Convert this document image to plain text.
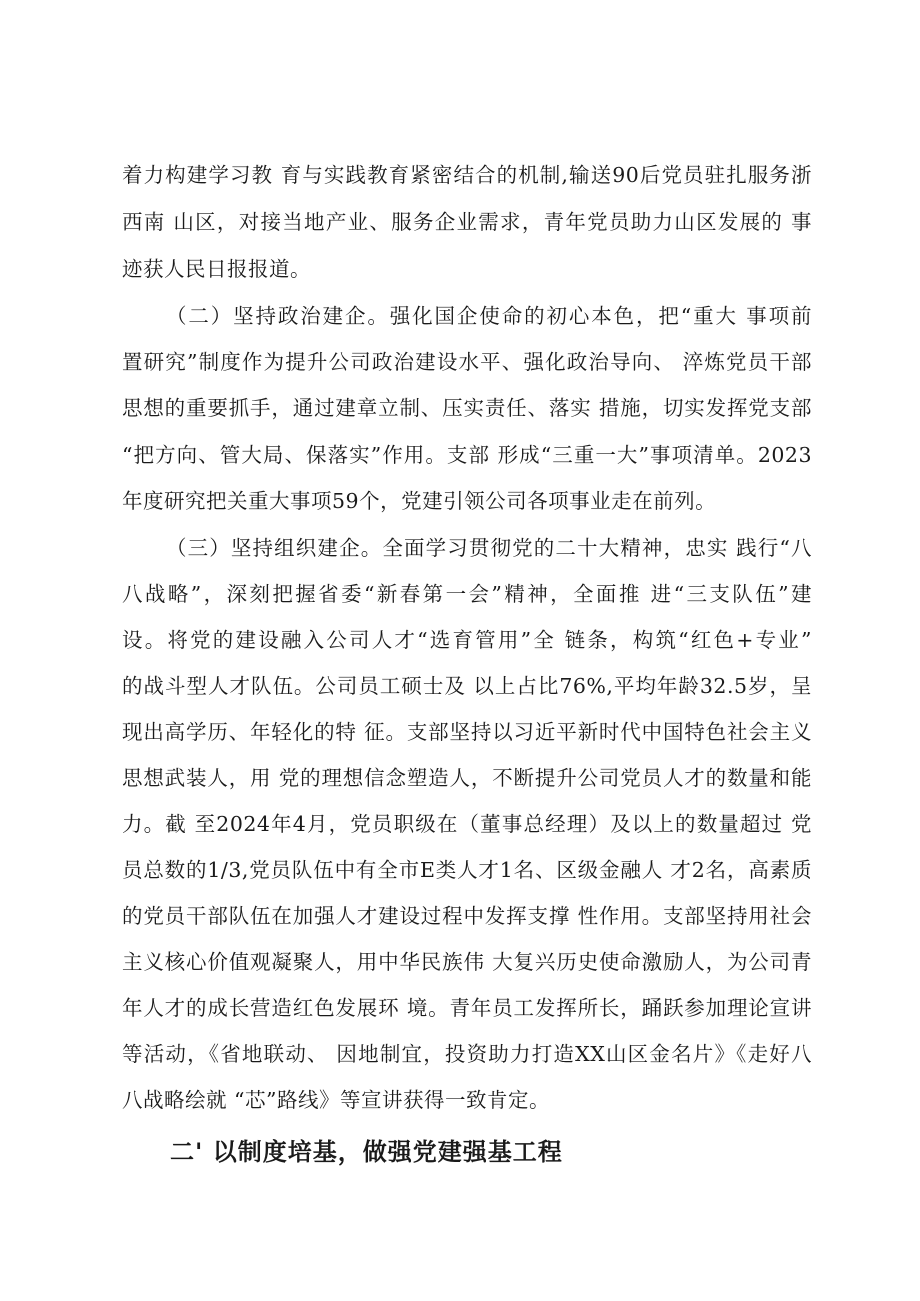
着力构建学习教 育与实践教育紧密结合的机制,输送90后党员驻扎服务浙
西南 山区，对接当地产业、服务企业需求，青年党员助力山区发展的 事
迹获人民日报报道。
（二）坚持政治建企。强化国企使命的初心本色，把“重大 事项前
置研究”制度作为提升公司政治建设水平、强化政治导向、 淬炼党员干部
思想的重要抓手，通过建章立制、压实责任、落实 措施，切实发挥党支部
“把方向、管大局、保落实”作用。支部 形成“三重一大”事项清单。2023
年度研究把关重大事项59个，党建引领公司各项事业走在前列。
（三）坚持组织建企。全面学习贯彻党的二十大精神，忠实 践行“八
八战略”，深刻把握省委“新春第一会”精神，全面推 进“三支队伍”建
设。将党的建设融入公司人才“选育管用”全 链条，构筑“红色+专业”
的战斗型人才队伍。公司员工硕士及 以上占比76%,平均年龄32.5岁，呈
现出高学历、年轻化的特 征。支部坚持以习近平新时代中国特色社会主义
思想武装人，用 党的理想信念塑造人，不断提升公司党员人才的数量和能
力。截 至2024年4月，党员职级在（董事总经理）及以上的数量超过 党
员总数的1/3,党员队伍中有全市E类人才1名、区级金融人 才2名，高素质
的党员干部队伍在加强人才建设过程中发挥支撑 性作用。支部坚持用社会
主义核心价值观凝聚人，用中华民族伟 大复兴历史使命激励人，为公司青
年人才的成长营造红色发展环 境。青年员工发挥所长，踊跃参加理论宣讲
等活动，《省地联动、 因地制宜，投资助力打造XX山区金名片》《走好八
八战略绘就 “芯”路线》等宣讲获得一致肯定。
二' 以制度培基，做强党建强基工程
